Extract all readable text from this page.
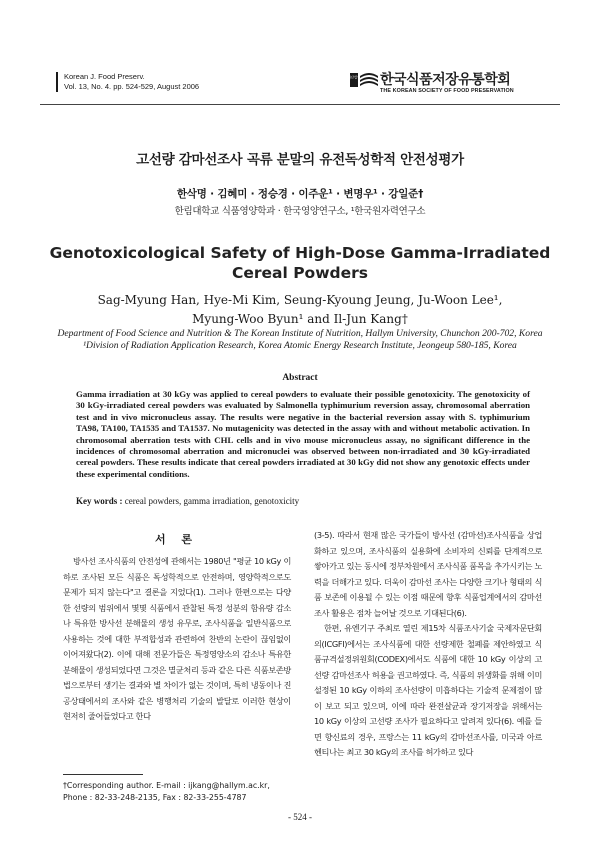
Korean J. Food Preserv.
Vol. 13, No. 4. pp. 524-529, August 2006
사단법인 한국식품저장유통학회
THE KOREAN SOCIETY OF FOOD PRESERVATION
고선량 감마선조사 곡류 분말의 유전독성학적 안전성평가
한삭명 · 김혜미 · 정승경 · 이주운¹ · 변명우¹ · 강일준†
한림대학교 식품영양학과 · 한국영양연구소, ¹한국원자력연구소
Genotoxicological Safety of High-Dose Gamma-Irradiated
Cereal Powders
Sag-Myung Han, Hye-Mi Kim, Seung-Kyoung Jeung, Ju-Woon Lee¹,
Myung-Woo Byun¹ and Il-Jun Kang†
Department of Food Science and Nutrition & The Korean Institute of Nutrition, Hallym University, Chunchon 200-702, Korea
¹Division of Radiation Application Research, Korea Atomic Energy Research Institute, Jeongeup 580-185, Korea
Abstract
Gamma irradiation at 30 kGy was applied to cereal powders to evaluate their possible genotoxicity. The genotoxicity of 30 kGy-irradiated cereal powders was evaluated by Salmonella typhimurium reversion assay, chromosomal aberration test and in vivo micronucleus assay. The results were negative in the bacterial reversion assay with S. typhimurium TA98, TA100, TA1535 and TA1537. No mutagenicity was detected in the assay with and without metabolic activation. In chromosomal aberration tests with CHL cells and in vivo mouse micronucleus assay, no significant difference in the incidences of chromosomal aberration and micronuclei was observed between non-irradiated and 30 kGy-irradiated cereal powders. These results indicate that cereal powders irradiated at 30 kGy did not show any genotoxic effects under these experimental conditions.
Key words : cereal powders, gamma irradiation, genotoxicity
서 론

방사선 조사식품의 안전성에 관해서는 1980년 "평균 10 kGy 이하로 조사된 모든 식품은 독성학적으로 안전하며, 영양학적으로도 문제가 되지 않는다"고 결론을 지었다(1). 그러나 한편으로는 다양한 선량의 범위에서 몇몇 식품에서 관찰된 특정 성분의 함유량 감소나 특유한 방사선 분해물의 생성 유무로, 조사식품을 일반식품으로 사용하는 것에 대한 부적합성과 관련하여 찬반의 논란이 끊임없이 이어져왔다(2). 이에 대해 전문가들은 특정영양소의 감소나 특유한 분해물이 생성되었다면 그것은 멸균처리 등과 같은 다른 식품보존방법으로부터 생기는 결과와 별 차이가 없는 것이며, 특히 냉동이나 진공상태에서의 조사와 같은 병행처리 기술의 발달로 이러한 현상이 현저히 줄어들었다고 한다

(3-5). 따라서 현재 많은 국가들이 방사선 (감마선)조사식품을 상업화하고 있으며, 조사식품의 실용화에 소비자의 신뢰를 단계적으로 쌓아가고 있는 동시에 정부차원에서 조사식품 품목을 추가시키는 노력을 더해가고 있다. 더욱이 감마선 조사는 다양한 크기나 형태의 식품 보존에 이용될 수 있는 이점 때문에 향후 식품업계에서의 감마선 조사 활용은 점차 늘어날 것으로 기대된다(6).

한편, 유엔기구 주최로 열린 제15차 식품조사기술 국제자문단회의(ICGFI)에서는 조사식품에 대한 선량제한 철폐를 제안하였고 식품규격설정위원회(CODEX)에서도 식품에 대한 10 kGy 이상의 고선량 감마선조사 허용을 권고하였다. 즉, 식품의 위생화를 위해 이미 설정된 10 kGy 이하의 조사선량이 미흡하다는 기술적 문제점이 많이 보고 되고 있으며, 이에 따라 완전살균과 장기저장을 위해서는 10 kGy 이상의 고선량 조사가 필요하다고 알려져 있다(6). 예를 들면 향신료의 경우, 프랑스는 11 kGy의 감마선조사를, 미국과 아르헨티나는 최고 30 kGy의 조사를 허가하고 있다

†Corresponding author. E-mail : ijkang@hallym.ac.kr,
Phone : 82-33-248-2135, Fax : 82-33-255-4787
- 524 -
